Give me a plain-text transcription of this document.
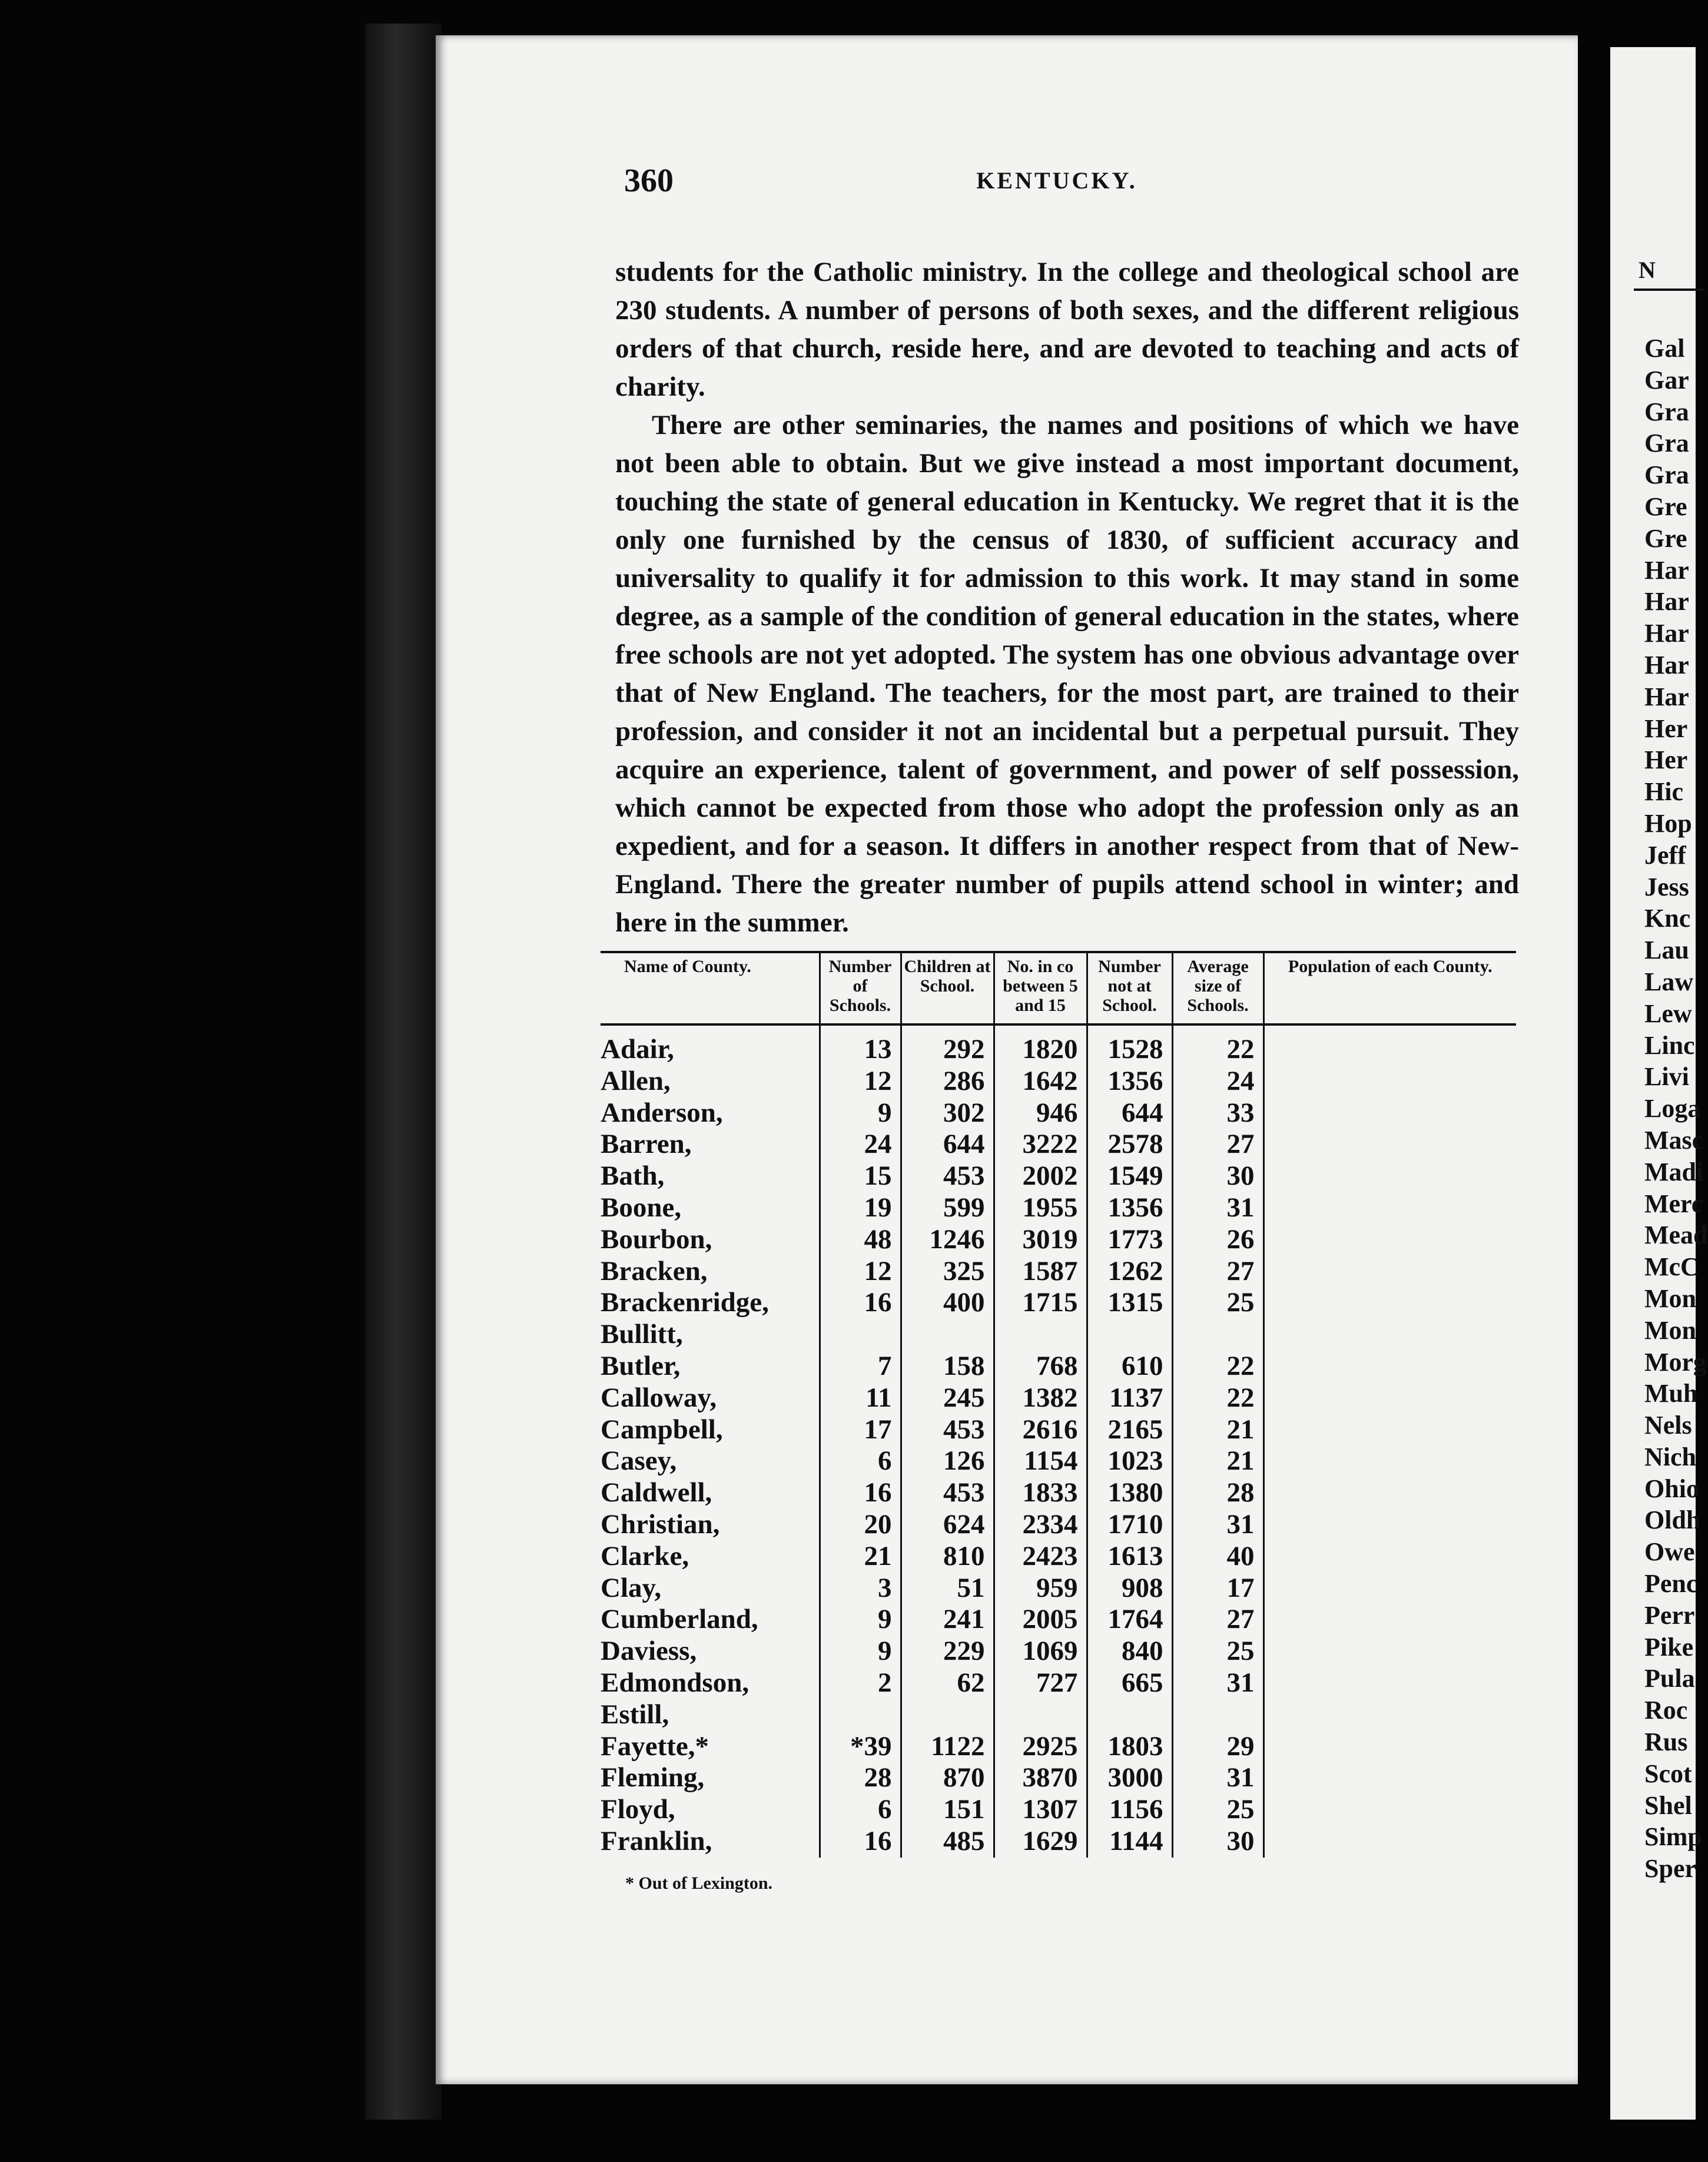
360	KENTUCKY.

students for the Catholic ministry. In the college and theological school are 230 students. A number of persons of both sexes, and the different religious orders of that church, reside here, and are devoted to teaching and acts of charity.

There are other seminaries, the names and positions of which we have not been able to obtain. But we give instead a most important document, touching the state of general education in Kentucky. We regret that it is the only one furnished by the census of 1830, of sufficient accuracy and universality to qualify it for admission to this work. It may stand in some degree, as a sample of the condition of general education in the states, where free schools are not yet adopted. The system has one obvious advantage over that of New England. The teachers, for the most part, are trained to their profession, and consider it not an incidental but a perpetual pursuit. They acquire an experience, talent of government, and power of self possession, which cannot be expected from those who adopt the profession only as an expedient, and for a season. It differs in another respect from that of New-England. There the greater number of pupils attend school in winter; and here in the summer.

Name of County.	Number of Schools.	Children at School.	No. in co between 5 and 15	Number not at School.	Average size of Schools.	Population of each County.
Adair,	13	292	1820	1528	22	
Allen,	12	286	1642	1356	24	
Anderson,	9	302	946	644	33	
Barren,	24	644	3222	2578	27	
Bath,	15	453	2002	1549	30	
Boone,	19	599	1955	1356	31	
Bourbon,	48	1246	3019	1773	26	
Bracken,	12	325	1587	1262	27	
Brackenridge,	16	400	1715	1315	25	
Bullitt,						
Butler,	7	158	768	610	22	
Calloway,	11	245	1382	1137	22	
Campbell,	17	453	2616	2165	21	
Casey,	6	126	1154	1023	21	
Caldwell,	16	453	1833	1380	28	
Christian,	20	624	2334	1710	31	
Clarke,	21	810	2423	1613	40	
Clay,	3	51	959	908	17	
Cumberland,	9	241	2005	1764	27	
Daviess,	9	229	1069	840	25	
Edmondson,	2	62	727	665	31	
Estill,						
Fayette,*	*39	1122	2925	1803	29	
Fleming,	28	870	3870	3000	31	
Floyd,	6	151	1307	1156	25	
Franklin,	16	485	1629	1144	30	
* Out of Lexington.
N
Gal
Gar
Gra
Gra
Gra
Gre
Gre
Har
Har
Har
Har
Har
Her
Her
Hic
Hop
Jeff
Jess
Knc
Lau
Law
Lew
Linc
Livi
Loga
Masc
Madi
Merc
Mead
McC
Mon
Mon
Morg
Muh
Nels
Nich
Ohio
Oldh
Owe
Penc
Perr
Pike
Pula
Roc
Rus
Scot
Shel
Simp
Sper
